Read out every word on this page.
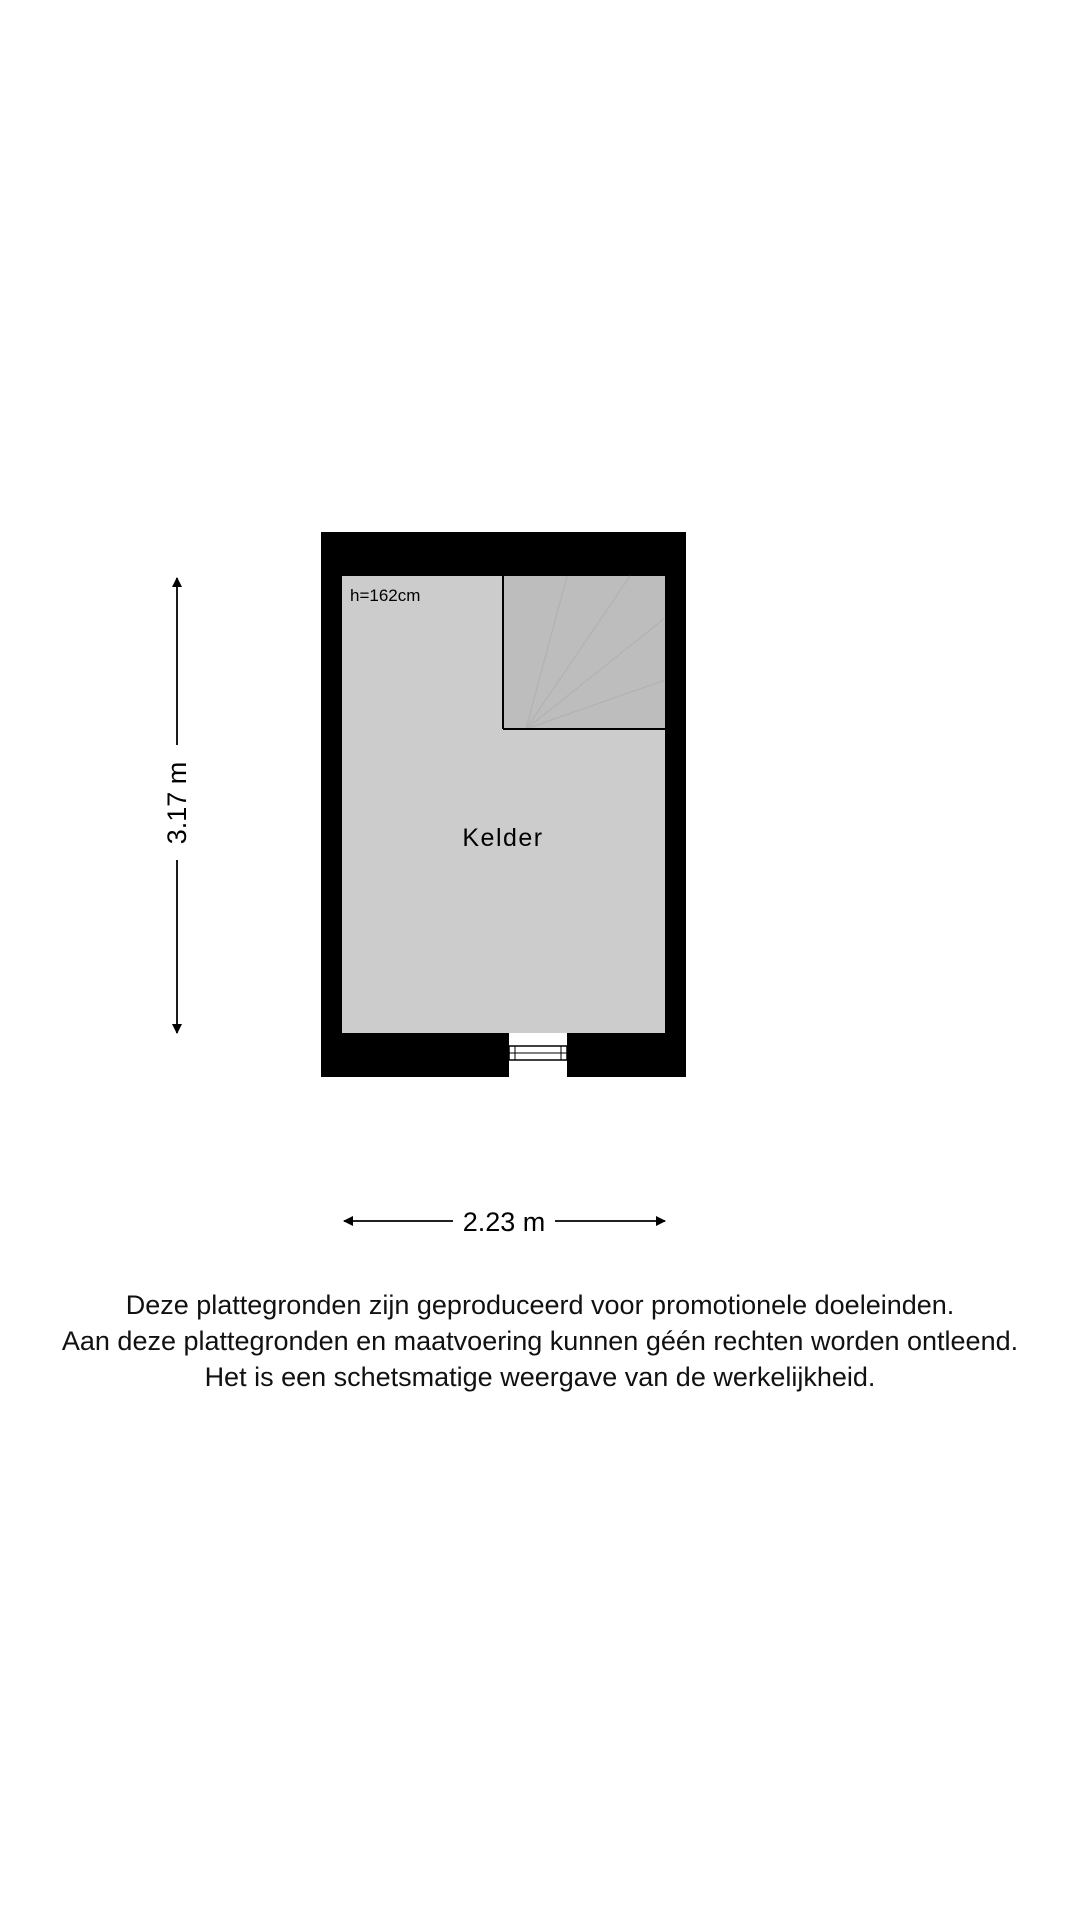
h=162cm
Kelder
3.17 m
2.23 m
Deze plattegronden zijn geproduceerd voor promotionele doeleinden.
Aan deze plattegronden en maatvoering kunnen géén rechten worden ontleend.
Het is een schetsmatige weergave van de werkelijkheid.
